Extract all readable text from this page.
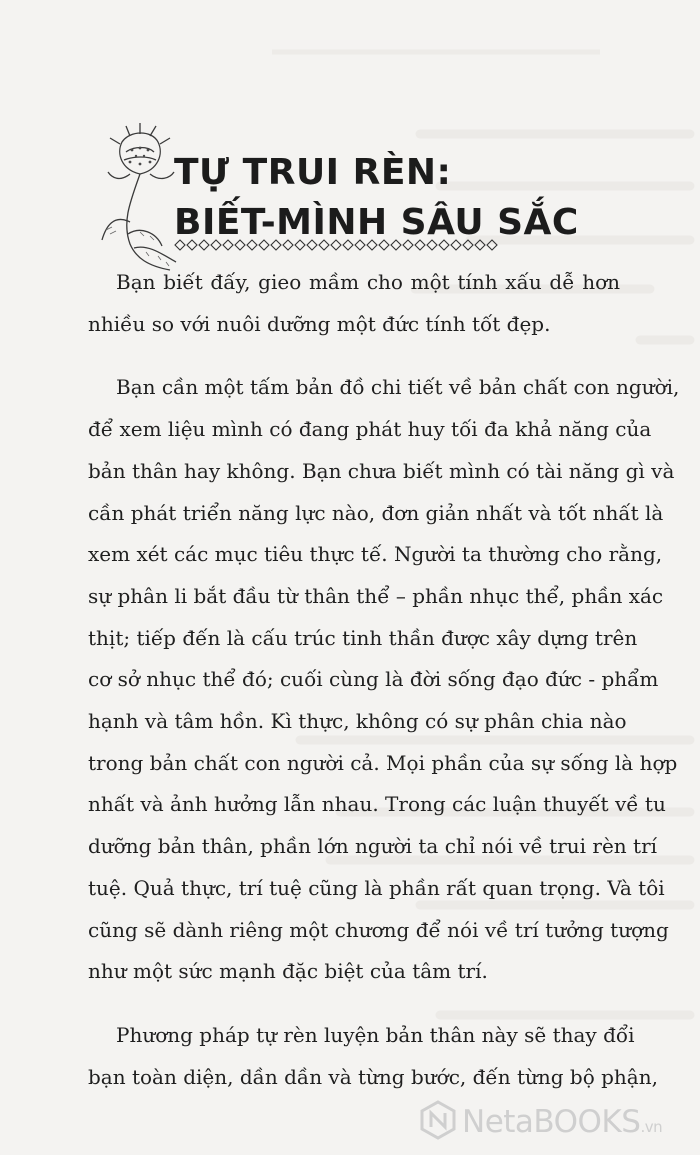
TỰ TRUI RÈN:
BIẾT-MÌNH SÂU SẮC

Bạn biết đấy, gieo mầm cho một tính xấu dễ hơn
nhiều so với nuôi dưỡng một đức tính tốt đẹp.

Bạn cần một tấm bản đồ chi tiết về bản chất con người,
để xem liệu mình có đang phát huy tối đa khả năng của
bản thân hay không. Bạn chưa biết mình có tài năng gì và
cần phát triển năng lực nào, đơn giản nhất và tốt nhất là
xem xét các mục tiêu thực tế. Người ta thường cho rằng,
sự phân li bắt đầu từ thân thể – phần nhục thể, phần xác
thịt; tiếp đến là cấu trúc tinh thần được xây dựng trên
cơ sở nhục thể đó; cuối cùng là đời sống đạo đức - phẩm
hạnh và tâm hồn. Kì thực, không có sự phân chia nào
trong bản chất con người cả. Mọi phần của sự sống là hợp
nhất và ảnh hưởng lẫn nhau. Trong các luận thuyết về tu
dưỡng bản thân, phần lớn người ta chỉ nói về trui rèn trí
tuệ. Quả thực, trí tuệ cũng là phần rất quan trọng. Và tôi
cũng sẽ dành riêng một chương để nói về trí tưởng tượng
như một sức mạnh đặc biệt của tâm trí.

Phương pháp tự rèn luyện bản thân này sẽ thay đổi
bạn toàn diện, dần dần và từng bước, đến từng bộ phận,

NetaBOOKS.vn
